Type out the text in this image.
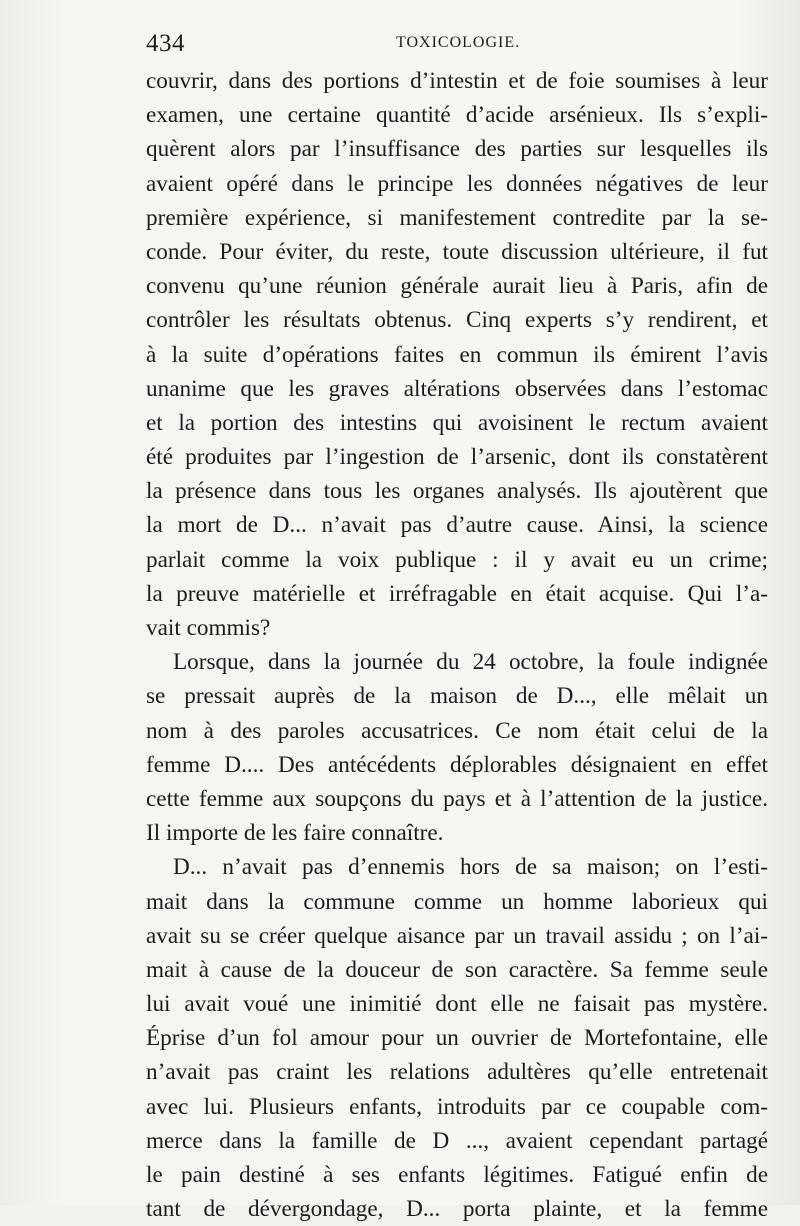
434	TOXICOLOGIE.
couvrir, dans des portions d’intestin et de foie soumises à leur
examen, une certaine quantité d’acide arsénieux. Ils s’expli-
quèrent alors par l’insuffisance des parties sur lesquelles ils
avaient opéré dans le principe les données négatives de leur
première expérience, si manifestement contredite par la se-
conde. Pour éviter, du reste, toute discussion ultérieure, il fut
convenu qu’une réunion générale aurait lieu à Paris, afin de
contrôler les résultats obtenus. Cinq experts s’y rendirent, et
à la suite d’opérations faites en commun ils émirent l’avis
unanime que les graves altérations observées dans l’estomac
et la portion des intestins qui avoisinent le rectum avaient
été produites par l’ingestion de l’arsenic, dont ils constatèrent
la présence dans tous les organes analysés. Ils ajoutèrent que
la mort de D... n’avait pas d’autre cause. Ainsi, la science
parlait comme la voix publique : il y avait eu un crime;
la preuve matérielle et irréfragable en était acquise. Qui l’a-
vait commis?
Lorsque, dans la journée du 24 octobre, la foule indignée
se pressait auprès de la maison de D..., elle mêlait un
nom à des paroles accusatrices. Ce nom était celui de la
femme D.... Des antécédents déplorables désignaient en effet
cette femme aux soupçons du pays et à l’attention de la justice.
Il importe de les faire connaître.
D... n’avait pas d’ennemis hors de sa maison; on l’esti-
mait dans la commune comme un homme laborieux qui
avait su se créer quelque aisance par un travail assidu ; on l’ai-
mait à cause de la douceur de son caractère. Sa femme seule
lui avait voué une inimitié dont elle ne faisait pas mystère.
Éprise d’un fol amour pour un ouvrier de Mortefontaine, elle
n’avait pas craint les relations adultères qu’elle entretenait
avec lui. Plusieurs enfants, introduits par ce coupable com-
merce dans la famille de D ..., avaient cependant partagé
le pain destiné à ses enfants légitimes. Fatigué enfin de
tant de dévergondage, D... porta plainte, et la femme
